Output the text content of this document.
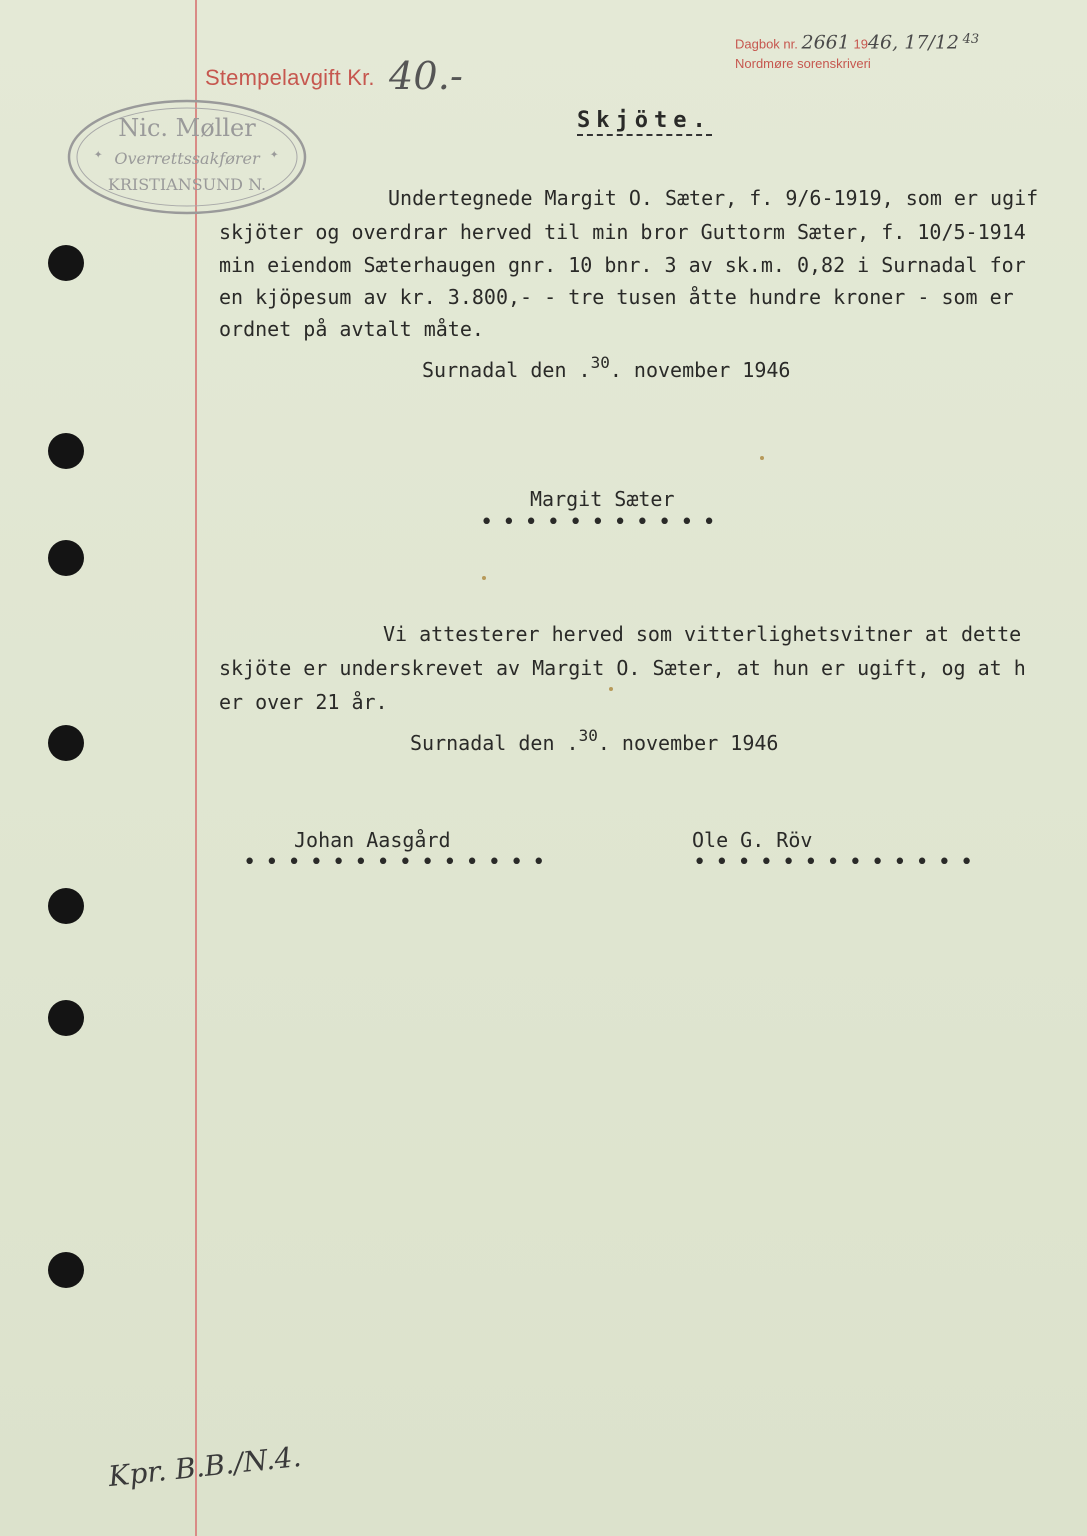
Stempelavgift Kr. 40.-
Dagbok nr. 2661 1946, 17/12 $^{43}$
Nordmøre sorenskriveri
Nic. Møller
Overrettssakfører
KRISTIANSUND N.
✦	✦
Skjöte.
Undertegnede Margit O. Sæter, f. 9/6-1919, som er ugif
skjöter og overdrar herved til min bror Guttorm Sæter, f. 10/5-1914
min eiendom Sæterhaugen gnr. 10 bnr. 3 av sk.m. 0,82 i Surnadal for
en kjöpesum av kr. 3.800,- - tre tusen åtte hundre kroner - som er
ordnet på avtalt måte.
Surnadal den .$^{30}$. november 1946
Margit Sæter
•••••••••••
Vi attesterer herved som vitterlighetsvitner at dette
skjöte er underskrevet av Margit O. Sæter, at hun er ugift, og at h
er over 21 år.
Surnadal den .$^{30}$. november 1946
Johan Aasgård
••••••••••••••
Ole G. Röv
•••••••••••••
Kpr. B.B./N.4.
